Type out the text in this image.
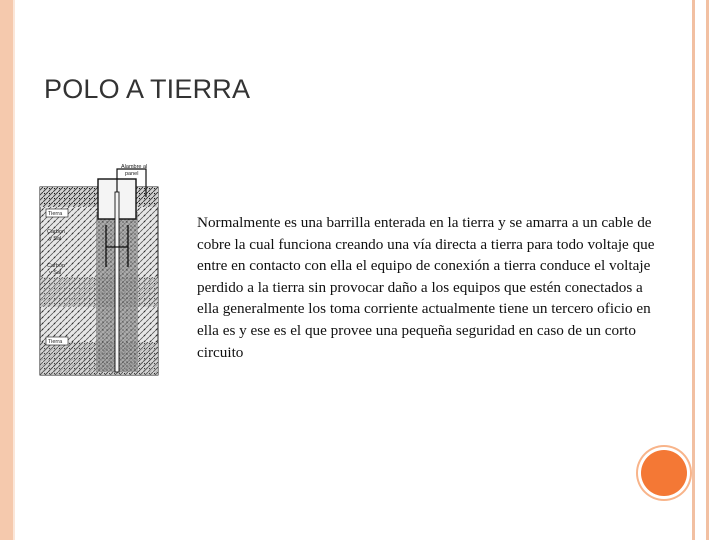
POLO A TIERRA
Alambre al
panel
Tierra
Carbon
y Sal
Carbon
y Sal
Tierra

Normalmente es una barrilla enterada en la tierra y se amarra a un cable de cobre la cual funciona creando una vía directa a tierra para todo voltaje que entre en contacto con ella el equipo de conexión a tierra conduce el voltaje perdido a la tierra sin provocar daño a los equipos que estén conectados a ella generalmente los toma corriente actualmente tiene un tercero oficio en ella es y ese es el que provee una pequeña seguridad en caso de un corto circuito
